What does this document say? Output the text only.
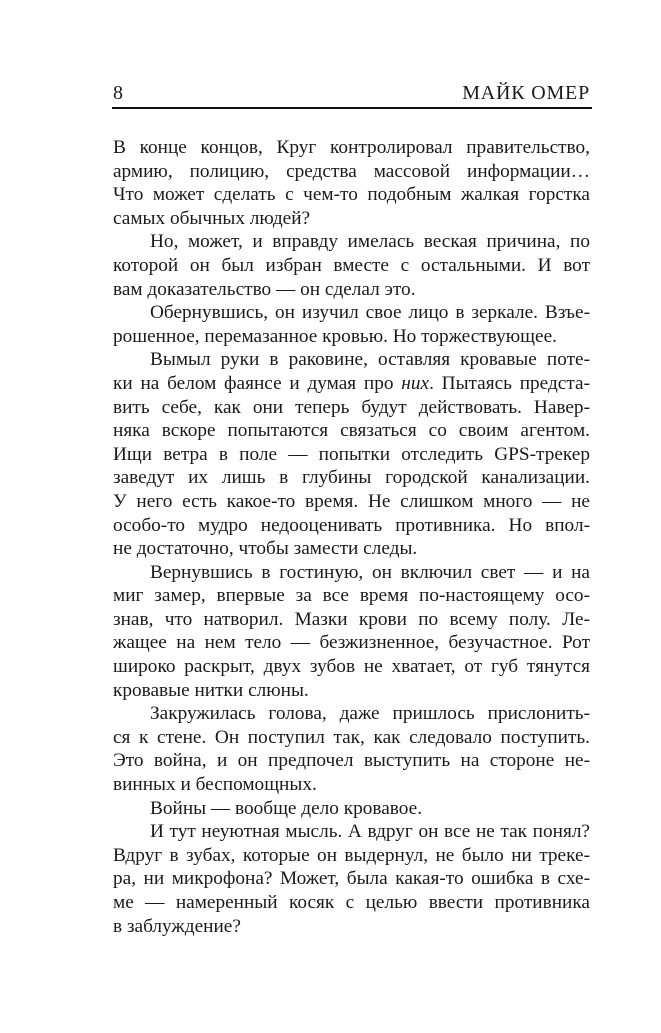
8	МАЙК ОМЕР
В конце концов, Круг контролировал правительство,
армию, полицию, средства массовой информации…
Что может сделать с чем-то подобным жалкая горстка
самых обычных людей?
Но, может, и вправду имелась веская причина, по
которой он был избран вместе с остальными. И вот
вам доказательство — он сделал это.
Обернувшись, он изучил свое лицо в зеркале. Взъе-
рошенное, перемазанное кровью. Но торжествующее.
Вымыл руки в раковине, оставляя кровавые поте-
ки на белом фаянсе и думая про них. Пытаясь предста-
вить себе, как они теперь будут действовать. Навер-
няка вскоре попытаются связаться со своим агентом.
Ищи ветра в поле — попытки отследить GPS-трекер
заведут их лишь в глубины городской канализации.
У него есть какое-то время. Не слишком много — не
особо-то мудро недооценивать противника. Но впол-
не достаточно, чтобы замести следы.
Вернувшись в гостиную, он включил свет — и на
миг замер, впервые за все время по-настоящему осо-
знав, что натворил. Мазки крови по всему полу. Ле-
жащее на нем тело — безжизненное, безучастное. Рот
широко раскрыт, двух зубов не хватает, от губ тянутся
кровавые нитки слюны.
Закружилась голова, даже пришлось прислонить-
ся к стене. Он поступил так, как следовало поступить.
Это война, и он предпочел выступить на стороне не-
винных и беспомощных.
Войны — вообще дело кровавое.
И тут неуютная мысль. А вдруг он все не так понял?
Вдруг в зубах, которые он выдернул, не было ни треке-
ра, ни микрофона? Может, была какая-то ошибка в схе-
ме — намеренный косяк с целью ввести противника
в заблуждение?
